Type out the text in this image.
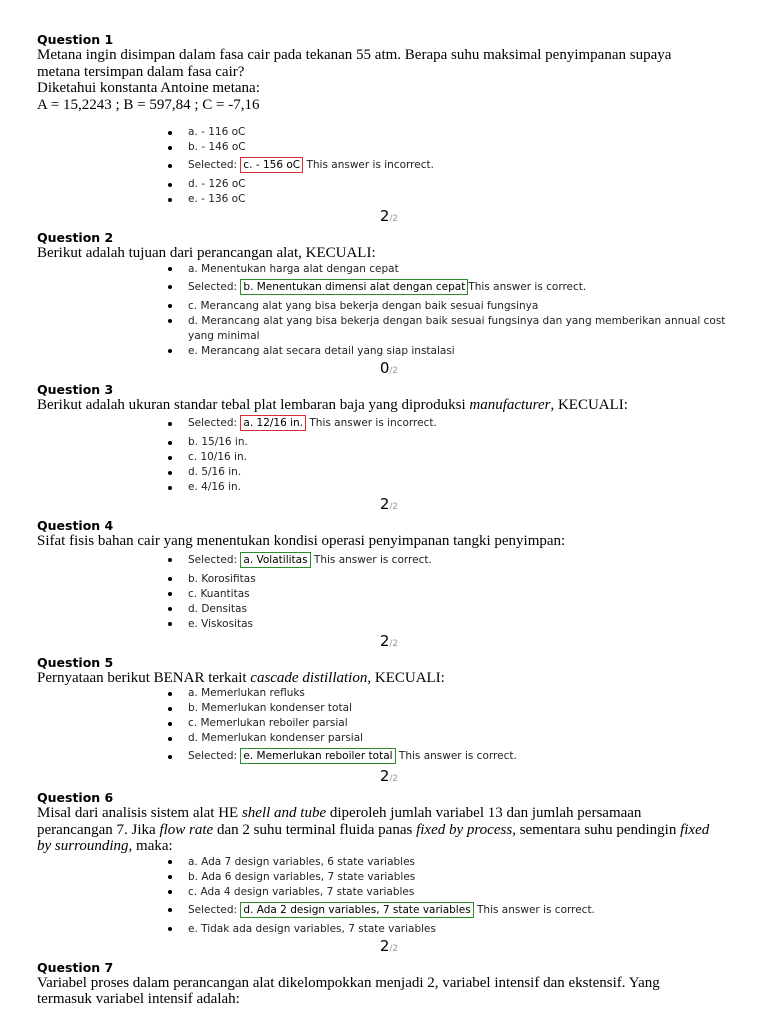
Question 1
Metana ingin disimpan dalam fasa cair pada tekanan 55 atm. Berapa suhu maksimal penyimpanan supaya
metana tersimpan dalam fasa cair?
Diketahui konstanta Antoine metana:
A = 15,2243 ; B = 597,84 ; C = -7,16
a. - 116 oC
b. - 146 oC
Selected: c. - 156 oC This answer is incorrect.
d. - 126 oC
e. - 136 oC
2/2
Question 2
Berikut adalah tujuan dari perancangan alat, KECUALI:
a. Menentukan harga alat dengan cepat
Selected: b. Menentukan dimensi alat dengan cepat This answer is correct.
c. Merancang alat yang bisa bekerja dengan baik sesuai fungsinya
d. Merancang alat yang bisa bekerja dengan baik sesuai fungsinya dan yang memberikan annual cost
yang minimal
e. Merancang alat secara detail yang siap instalasi
0/2
Question 3
Berikut adalah ukuran standar tebal plat lembaran baja yang diproduksi manufacturer, KECUALI:
Selected: a. 12/16 in. This answer is incorrect.
b. 15/16 in.
c. 10/16 in.
d. 5/16 in.
e. 4/16 in.
2/2
Question 4
Sifat fisis bahan cair yang menentukan kondisi operasi penyimpanan tangki penyimpan:
Selected: a. Volatilitas This answer is correct.
b. Korosifitas
c. Kuantitas
d. Densitas
e. Viskositas
2/2
Question 5
Pernyataan berikut BENAR terkait cascade distillation, KECUALI:
a. Memerlukan refluks
b. Memerlukan kondenser total
c. Memerlukan reboiler parsial
d. Memerlukan kondenser parsial
Selected: e. Memerlukan reboiler total This answer is correct.
2/2
Question 6
Misal dari analisis sistem alat HE shell and tube diperoleh jumlah variabel 13 dan jumlah persamaan
perancangan 7. Jika flow rate dan 2 suhu terminal fluida panas fixed by process, sementara suhu pendingin fixed
by surrounding, maka:
a. Ada 7 design variables, 6 state variables
b. Ada 6 design variables, 7 state variables
c. Ada 4 design variables, 7 state variables
Selected: d. Ada 2 design variables, 7 state variables This answer is correct.
e. Tidak ada design variables, 7 state variables
2/2
Question 7
Variabel proses dalam perancangan alat dikelompokkan menjadi 2, variabel intensif dan ekstensif. Yang
termasuk variabel intensif adalah:
